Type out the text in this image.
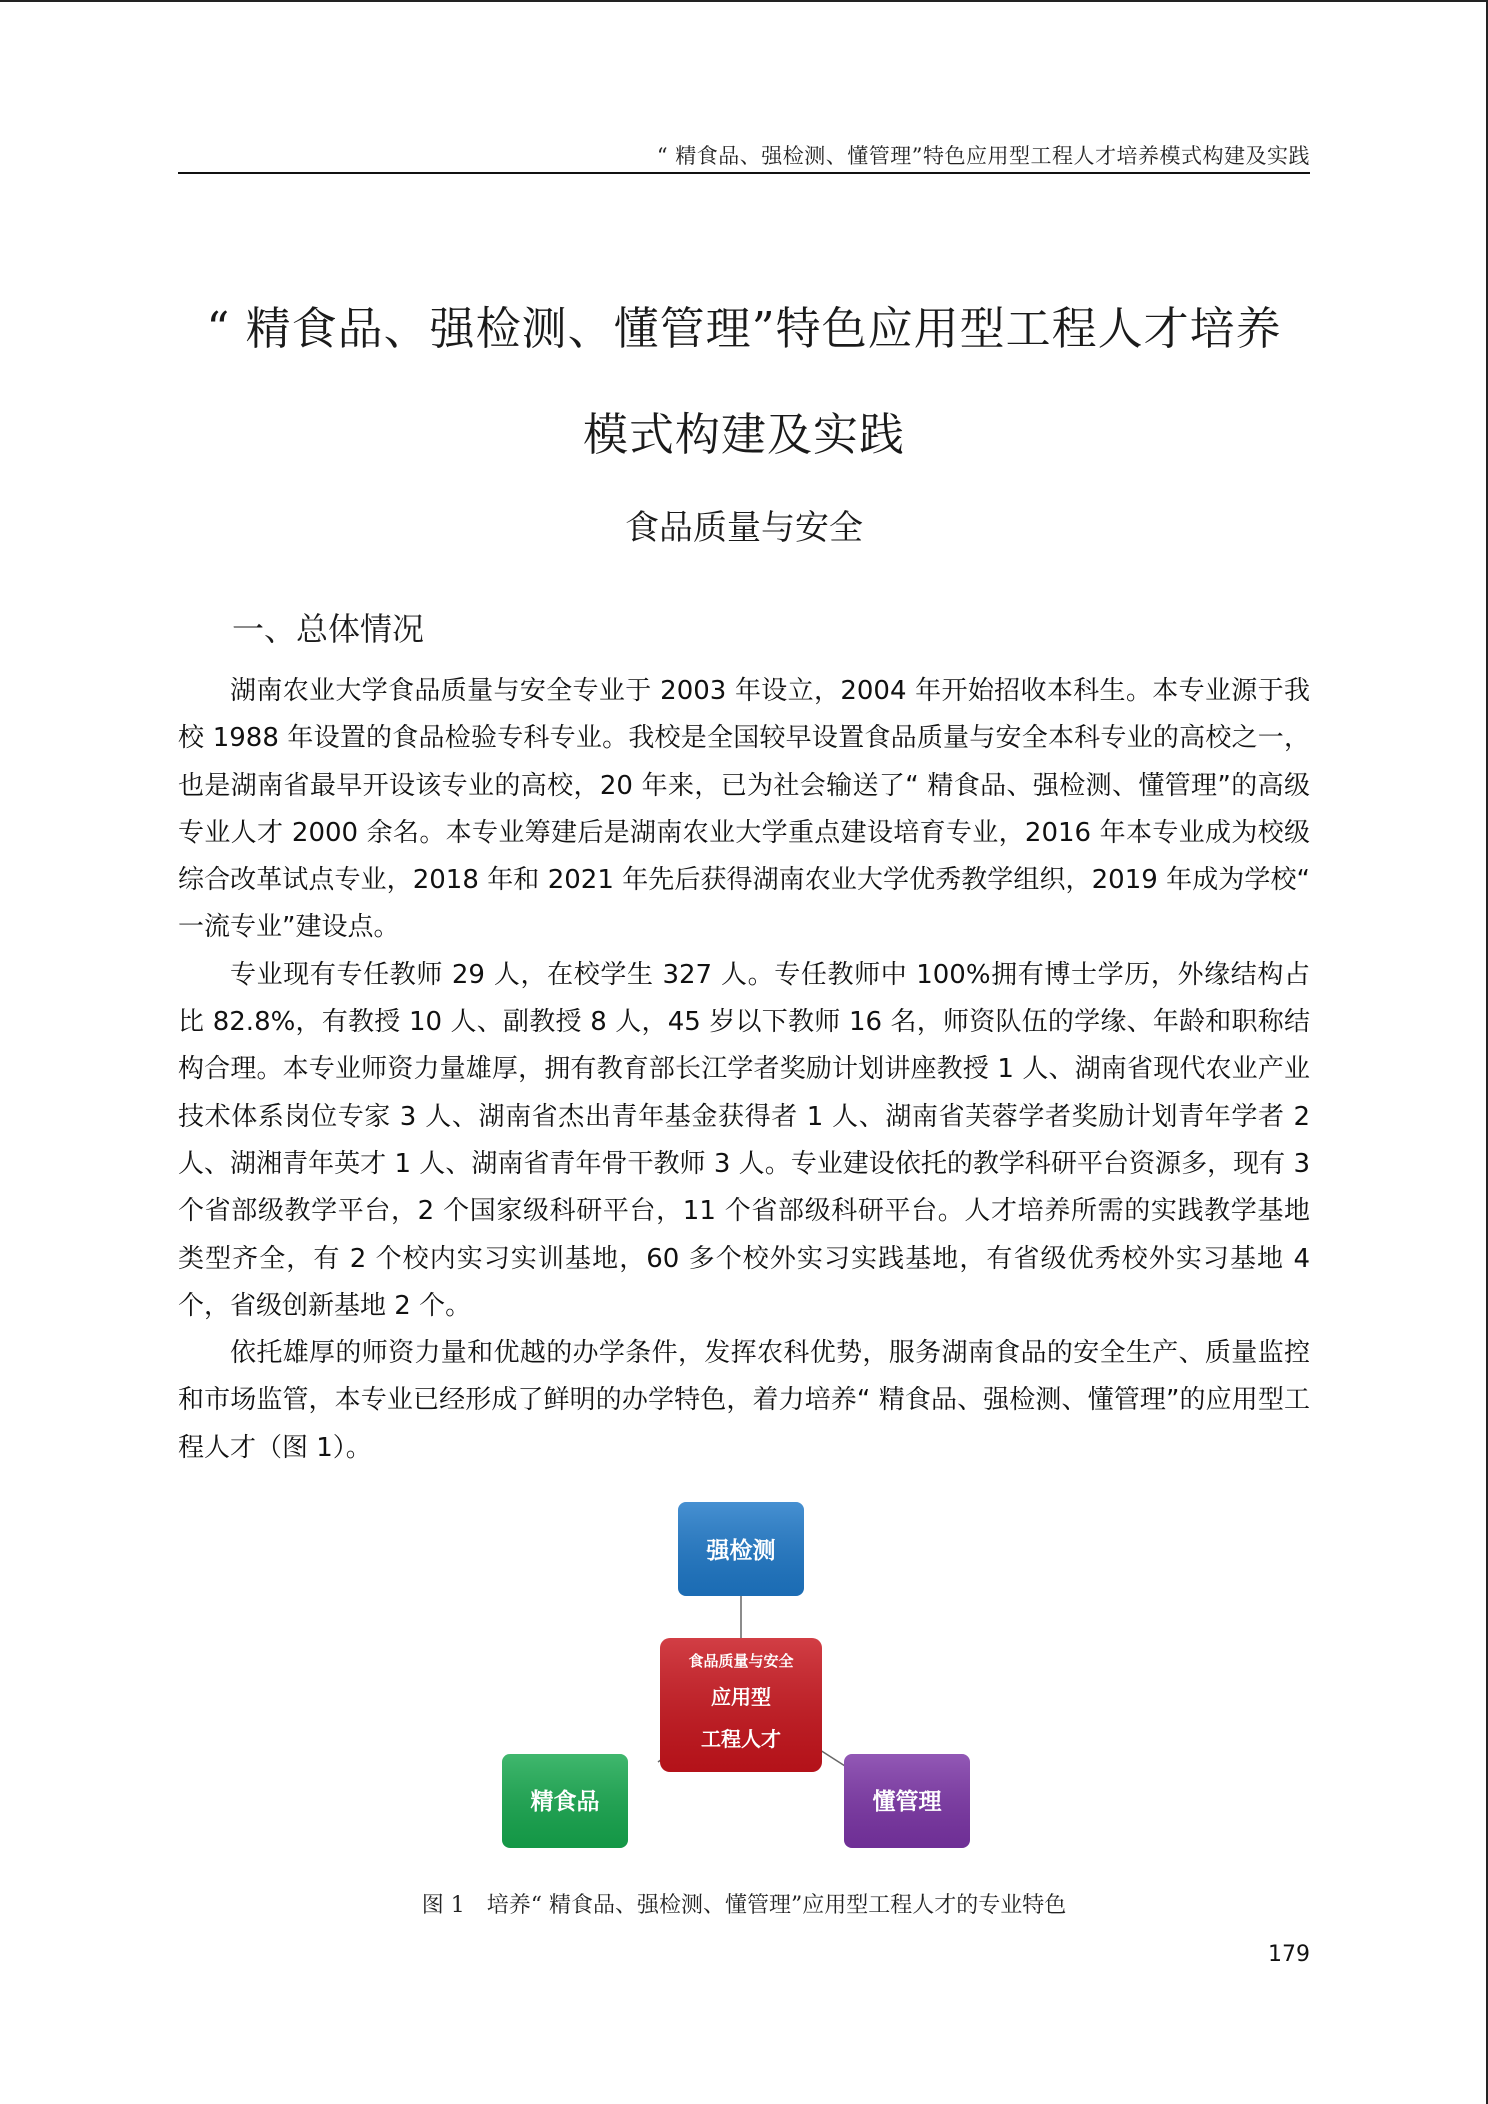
“ 精食品、强检测、懂管理”特色应用型工程人才培养模式构建及实践
“ 精食品、强检测、懂管理”特色应用型工程人才培养
模式构建及实践
食品质量与安全
一、总体情况

湖南农业大学食品质量与安全专业于 2003 年设立，2004 年开始招收本科生。本专业源于我校 1988 年设置的食品检验专科专业。我校是全国较早设置食品质量与安全本科专业的高校之一，也是湖南省最早开设该专业的高校，20 年来，已为社会输送了“ 精食品、强检测、懂管理”的高级专业人才 2000 余名。本专业筹建后是湖南农业大学重点建设培育专业，2016 年本专业成为校级综合改革试点专业，2018 年和 2021 年先后获得湖南农业大学优秀教学组织，2019 年成为学校“ 一流专业”建设点。

专业现有专任教师 29 人，在校学生 327 人。专任教师中 100%拥有博士学历，外缘结构占比 82.8%，有教授 10 人、副教授 8 人，45 岁以下教师 16 名，师资队伍的学缘、年龄和职称结构合理。本专业师资力量雄厚，拥有教育部长江学者奖励计划讲座教授 1 人、湖南省现代农业产业技术体系岗位专家 3 人、湖南省杰出青年基金获得者 1 人、湖南省芙蓉学者奖励计划青年学者 2 人、湖湘青年英才 1 人、湖南省青年骨干教师 3 人。专业建设依托的教学科研平台资源多，现有 3 个省部级教学平台，2 个国家级科研平台，11 个省部级科研平台。人才培养所需的实践教学基地类型齐全，有 2 个校内实习实训基地，60 多个校外实习实践基地，有省级优秀校外实习基地 4 个，省级创新基地 2 个。

依托雄厚的师资力量和优越的办学条件，发挥农科优势，服务湖南食品的安全生产、质量监控和市场监管，本专业已经形成了鲜明的办学特色，着力培养“ 精食品、强检测、懂管理”的应用型工程人才（图 1）。

强检测
食品质量与安全
应用型
工程人才
精食品	懂管理
图 1　培养“ 精食品、强检测、懂管理”应用型工程人才的专业特色
179
